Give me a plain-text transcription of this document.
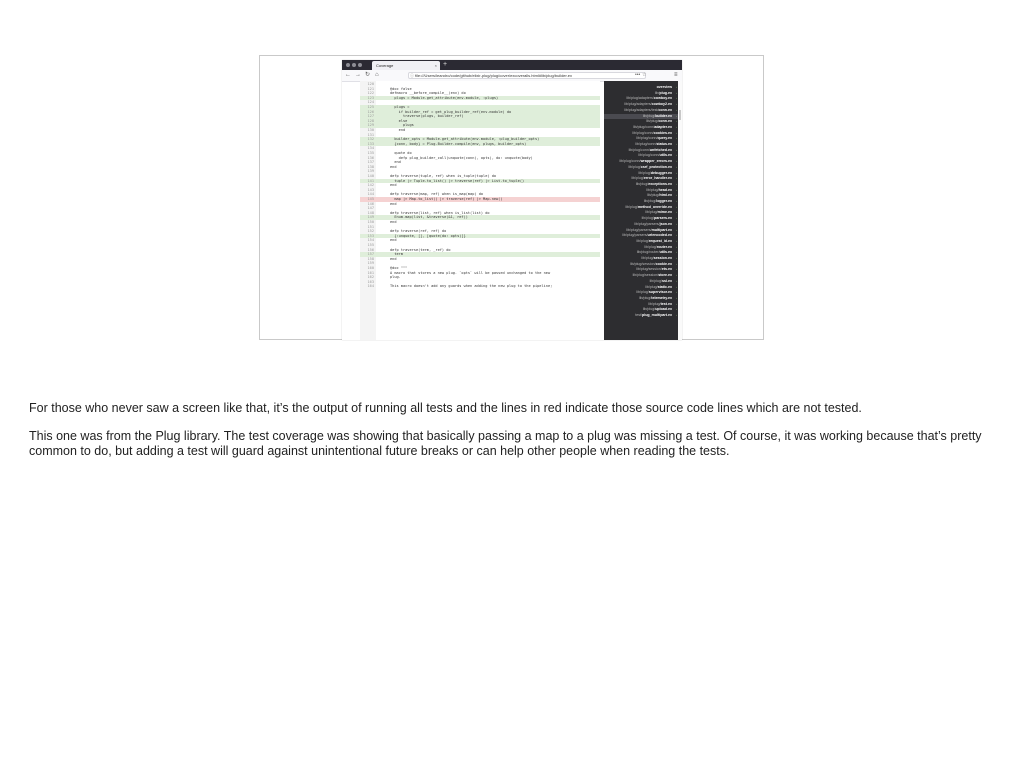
Coverage	× +
← → ↻ ⌂	ⓘ file:///Users/leandro/code/github/elixir-plug/plug/cover/excoveralls.html#lib/plug/builder.ex	••• ☆	≡
120
121	@doc false
122	defmacro __before_compile__(env) do
123	plugs = Module.get_attribute(env.module, :plugs)
124
125	plugs =
126	if builder_ref = get_plug_builder_ref(env.module) do
127	traverse(plugs, builder_ref)
128	else
129	plugs
130	end
131
132	builder_opts = Module.get_attribute(env.module, :plug_builder_opts)
133	{conn, body} = Plug.Builder.compile(env, plugs, builder_opts)
134
135	quote do
136	defp plug_builder_call(unquote(conn), opts), do: unquote(body)
137	end
138	end
139
140	defp traverse(tuple, ref) when is_tuple(tuple) do
141	tuple |> Tuple.to_list() |> traverse(ref) |> List.to_tuple()
142	end
143
144	defp traverse(map, ref) when is_map(map) do
145	map |> Map.to_list() |> traverse(ref) |> Map.new()
146	end
147
148	defp traverse(list, ref) when is_list(list) do
149	Enum.map(list, &traverse(&1, ref))
150	end
151
152	defp traverse(ref, ref) do
153	{:unquote, [], [quote(do: opts)]}
154	end
155
156	defp traverse(term, _ref) do
157	term
158	end
159
160	@doc """
161	A macro that stores a new plug. `opts` will be passed unchanged to the new
162	plug.
163
164	This macro doesn't add any guards when adding the new plug to the pipeline;
overview ›
lib/plug.ex ›
lib/plug/adapters/cowboy.ex ›
lib/plug/adapters/cowboy2.ex ›
lib/plug/adapters/test/conn.ex ›
lib/plug/builder.ex ›
lib/plug/conn.ex ›
lib/plug/conn/adapter.ex ›
lib/plug/conn/cookies.ex ›
lib/plug/conn/query.ex ›
lib/plug/conn/status.ex ›
lib/plug/conn/unfetched.ex ›
lib/plug/conn/utils.ex ›
lib/plug/conn/wrapper_errors.ex ›
lib/plug/csrf_protection.ex ›
lib/plug/debugger.ex ›
lib/plug/error_handler.ex ›
lib/plug/exceptions.ex ›
lib/plug/head.ex ›
lib/plug/html.ex ›
lib/plug/logger.ex ›
lib/plug/method_override.ex ›
lib/plug/mime.ex ›
lib/plug/parsers.ex ›
lib/plug/parsers/json.ex ›
lib/plug/parsers/multipart.ex ›
lib/plug/parsers/urlencoded.ex ›
lib/plug/request_id.ex ›
lib/plug/router.ex ›
lib/plug/router/utils.ex ›
lib/plug/session.ex ›
lib/plug/session/cookie.ex ›
lib/plug/session/ets.ex ›
lib/plug/session/store.ex ›
lib/plug/ssl.ex ›
lib/plug/static.ex ›
lib/plug/supervisor.ex ›
lib/plug/telemetry.ex ›
lib/plug/test.ex ›
lib/plug/upload.ex ›
test/plug_multipart.ex ›

For those who never saw a screen like that, it’s the output of running all tests and the lines in red indicate those source code lines which are not tested.

This one was from the Plug library. The test coverage was showing that basically passing a map to a plug was missing a test. Of course, it was working because that’s pretty common to do, but adding a test will guard against unintentional future breaks or can help other people when reading the tests.
